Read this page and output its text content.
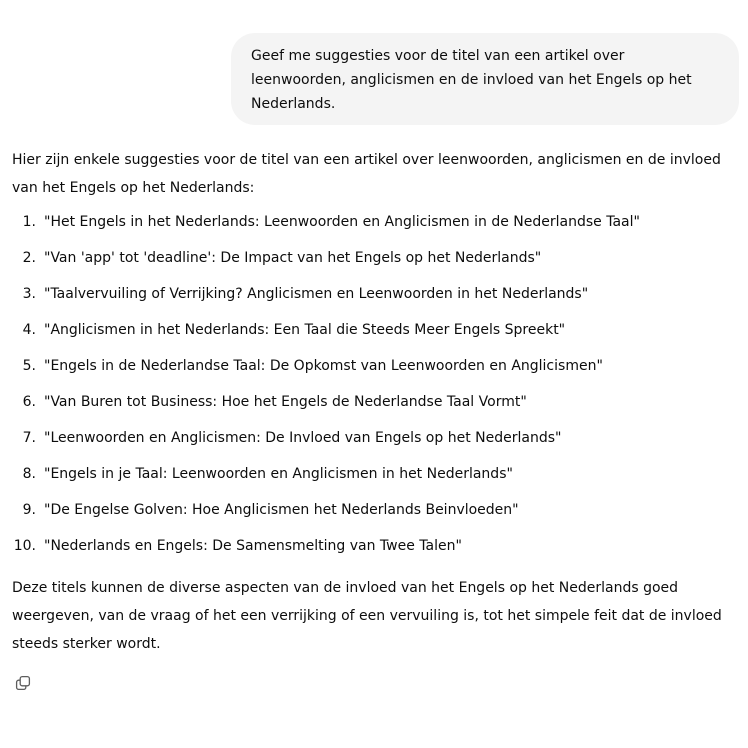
Geef me suggesties voor de titel van een artikel over
leenwoorden, anglicismen en de invloed van het Engels op het
Nederlands.
Hier zijn enkele suggesties voor de titel van een artikel over leenwoorden, anglicismen en de invloed
van het Engels op het Nederlands:
1. "Het Engels in het Nederlands: Leenwoorden en Anglicismen in de Nederlandse Taal"
2. "Van 'app' tot 'deadline': De Impact van het Engels op het Nederlands"
3. "Taalvervuiling of Verrijking? Anglicismen en Leenwoorden in het Nederlands"
4. "Anglicismen in het Nederlands: Een Taal die Steeds Meer Engels Spreekt"
5. "Engels in de Nederlandse Taal: De Opkomst van Leenwoorden en Anglicismen"
6. "Van Buren tot Business: Hoe het Engels de Nederlandse Taal Vormt"
7. "Leenwoorden en Anglicismen: De Invloed van Engels op het Nederlands"
8. "Engels in je Taal: Leenwoorden en Anglicismen in het Nederlands"
9. "De Engelse Golven: Hoe Anglicismen het Nederlands Beinvloeden"
10. "Nederlands en Engels: De Samensmelting van Twee Talen"
Deze titels kunnen de diverse aspecten van de invloed van het Engels op het Nederlands goed
weergeven, van de vraag of het een verrijking of een vervuiling is, tot het simpele feit dat de invloed
steeds sterker wordt.
